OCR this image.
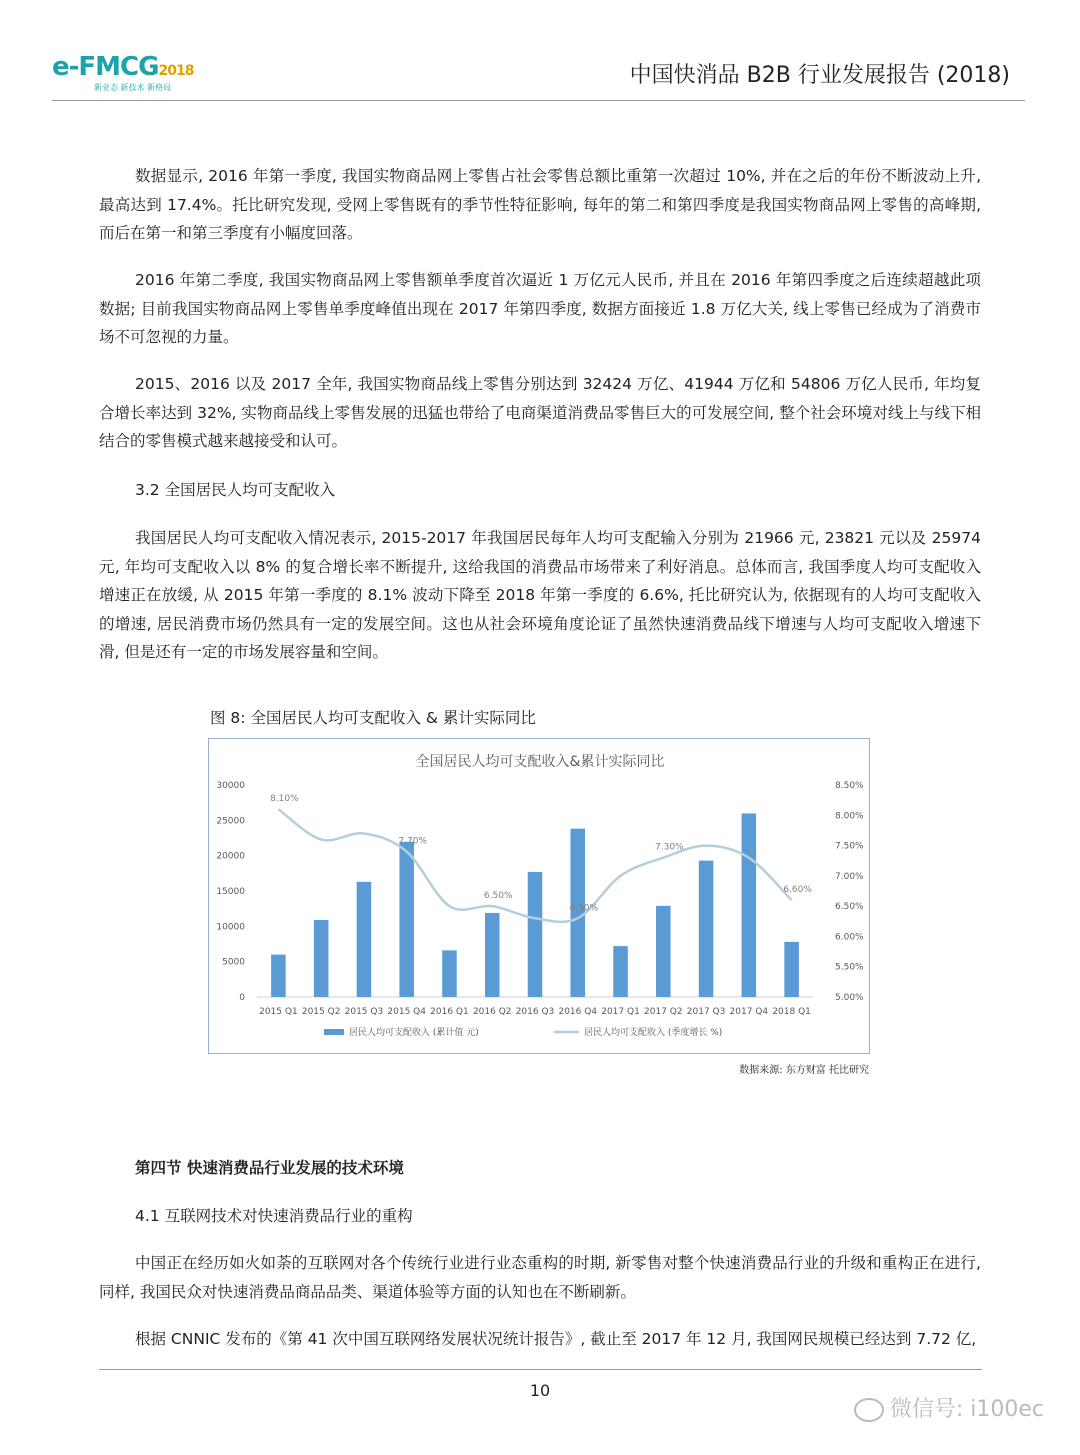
e-FMCG2018
新业态 新技术 新格局	中国快消品 B2B 行业发展报告 (2018)

数据显示, 2016 年第一季度, 我国实物商品网上零售占社会零售总额比重第一次超过 10%, 并在之后的年份不断波动上升, 最高达到 17.4%。托比研究发现, 受网上零售既有的季节性特征影响, 每年的第二和第四季度是我国实物商品网上零售的高峰期, 而后在第一和第三季度有小幅度回落。

2016 年第二季度, 我国实物商品网上零售额单季度首次逼近 1 万亿元人民币, 并且在 2016 年第四季度之后连续超越此项数据; 目前我国实物商品网上零售单季度峰值出现在 2017 年第四季度, 数据方面接近 1.8 万亿大关, 线上零售已经成为了消费市场不可忽视的力量。

2015、2016 以及 2017 全年, 我国实物商品线上零售分别达到 32424 万亿、41944 万亿和 54806 万亿人民币, 年均复合增长率达到 32%, 实物商品线上零售发展的迅猛也带给了电商渠道消费品零售巨大的可发展空间, 整个社会环境对线上与线下相结合的零售模式越来越接受和认可。

3.2 全国居民人均可支配收入

我国居民人均可支配收入情况表示, 2015-2017 年我国居民每年人均可支配输入分别为 21966 元, 23821 元以及 25974 元, 年均可支配收入以 8% 的复合增长率不断提升, 这给我国的消费品市场带来了利好消息。总体而言, 我国季度人均可支配收入增速正在放缓, 从 2015 年第一季度的 8.1% 波动下降至 2018 年第一季度的 6.6%, 托比研究认为, 依据现有的人均可支配收入的增速, 居民消费市场仍然具有一定的发展空间。这也从社会环境角度论证了虽然快速消费品线下增速与人均可支配收入增速下滑, 但是还有一定的市场发展容量和空间。

图 8: 全国居民人均可支配收入 & 累计实际同比
全国居民人均可支配收入&累计实际同比
0
5000
10000
15000
20000
25000
30000
5.00%
5.50%
6.00%
6.50%
7.00%
7.50%
8.00%
8.50%
2015 Q1 2015 Q2 2015 Q3 2015 Q4 2016 Q1 2016 Q2 2016 Q3 2016 Q4 2017 Q1 2017 Q2 2017 Q3 2017 Q4 2018 Q1
8.10%
7.70%
6.50%
6.30%
7.30%
6.60%
居民人均可支配收入 (累计值 元)	居民人均可支配收入 (季度增长 %)
数据来源: 东方财富 托比研究

第四节 快速消费品行业发展的技术环境

4.1 互联网技术对快速消费品行业的重构

中国正在经历如火如荼的互联网对各个传统行业进行业态重构的时期, 新零售对整个快速消费品行业的升级和重构正在进行, 同样, 我国民众对快速消费品商品品类、渠道体验等方面的认知也在不断刷新。

根据 CNNIC 发布的《第 41 次中国互联网络发展状况统计报告》, 截止至 2017 年 12 月, 我国网民规模已经达到 7.72 亿,

10
微信号: i100ec
